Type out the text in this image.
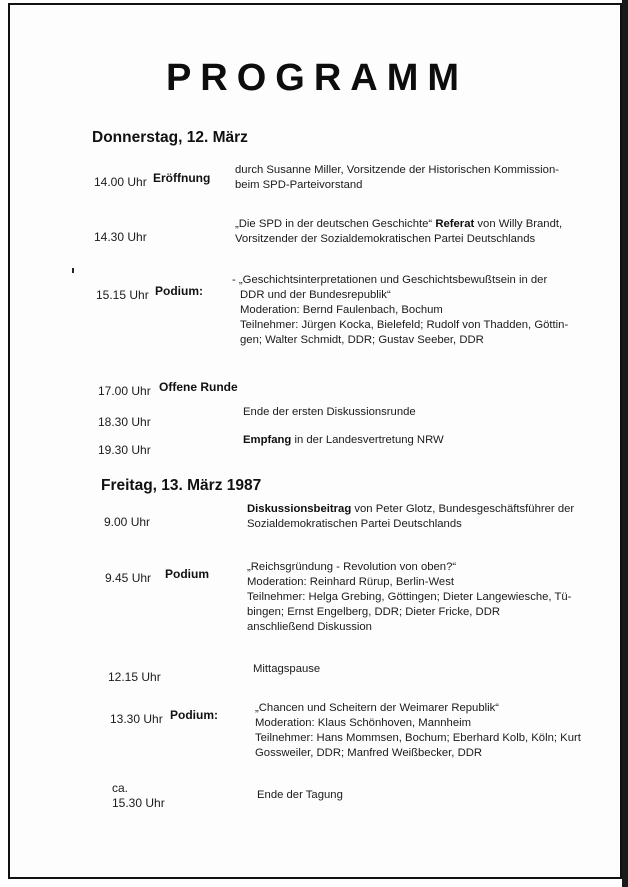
PROGRAMM
Donnerstag, 12. März
14.00 Uhr Eröffnung
durch Susanne Miller, Vorsitzende der Historischen Kommission-
beim SPD-Parteivorstand
14.30 Uhr
„Die SPD in der deutschen Geschichte“ Referat von Willy Brandt,
Vorsitzender der Sozialdemokratischen Partei Deutschlands
15.15 Uhr Podium:
- „Geschichtsinterpretationen und Geschichtsbewußtsein in der
DDR und der Bundesrepublik“
Moderation: Bernd Faulenbach, Bochum
Teilnehmer: Jürgen Kocka, Bielefeld; Rudolf von Thadden, Göttin-
gen; Walter Schmidt, DDR; Gustav Seeber, DDR
17.00 Uhr Offene Runde
18.30 Uhr
Ende der ersten Diskussionsrunde
19.30 Uhr
Empfang in der Landesvertretung NRW
Freitag, 13. März 1987
9.00 Uhr
Diskussionsbeitrag von Peter Glotz, Bundesgeschäftsführer der
Sozialdemokratischen Partei Deutschlands
9.45 Uhr Podium	„Reichsgründung - Revolution von oben?“
Moderation: Reinhard Rürup, Berlin-West
Teilnehmer: Helga Grebing, Göttingen; Dieter Langewiesche, Tü-
bingen; Ernst Engelberg, DDR; Dieter Fricke, DDR
anschließend Diskussion
12.15 Uhr
Mittagspause
13.30 Uhr Podium:	„Chancen und Scheitern der Weimarer Republik“
Moderation: Klaus Schönhoven, Mannheim
Teilnehmer: Hans Mommsen, Bochum; Eberhard Kolb, Köln; Kurt
Gossweiler, DDR; Manfred Weißbecker, DDR
ca.
15.30 Uhr
Ende der Tagung
